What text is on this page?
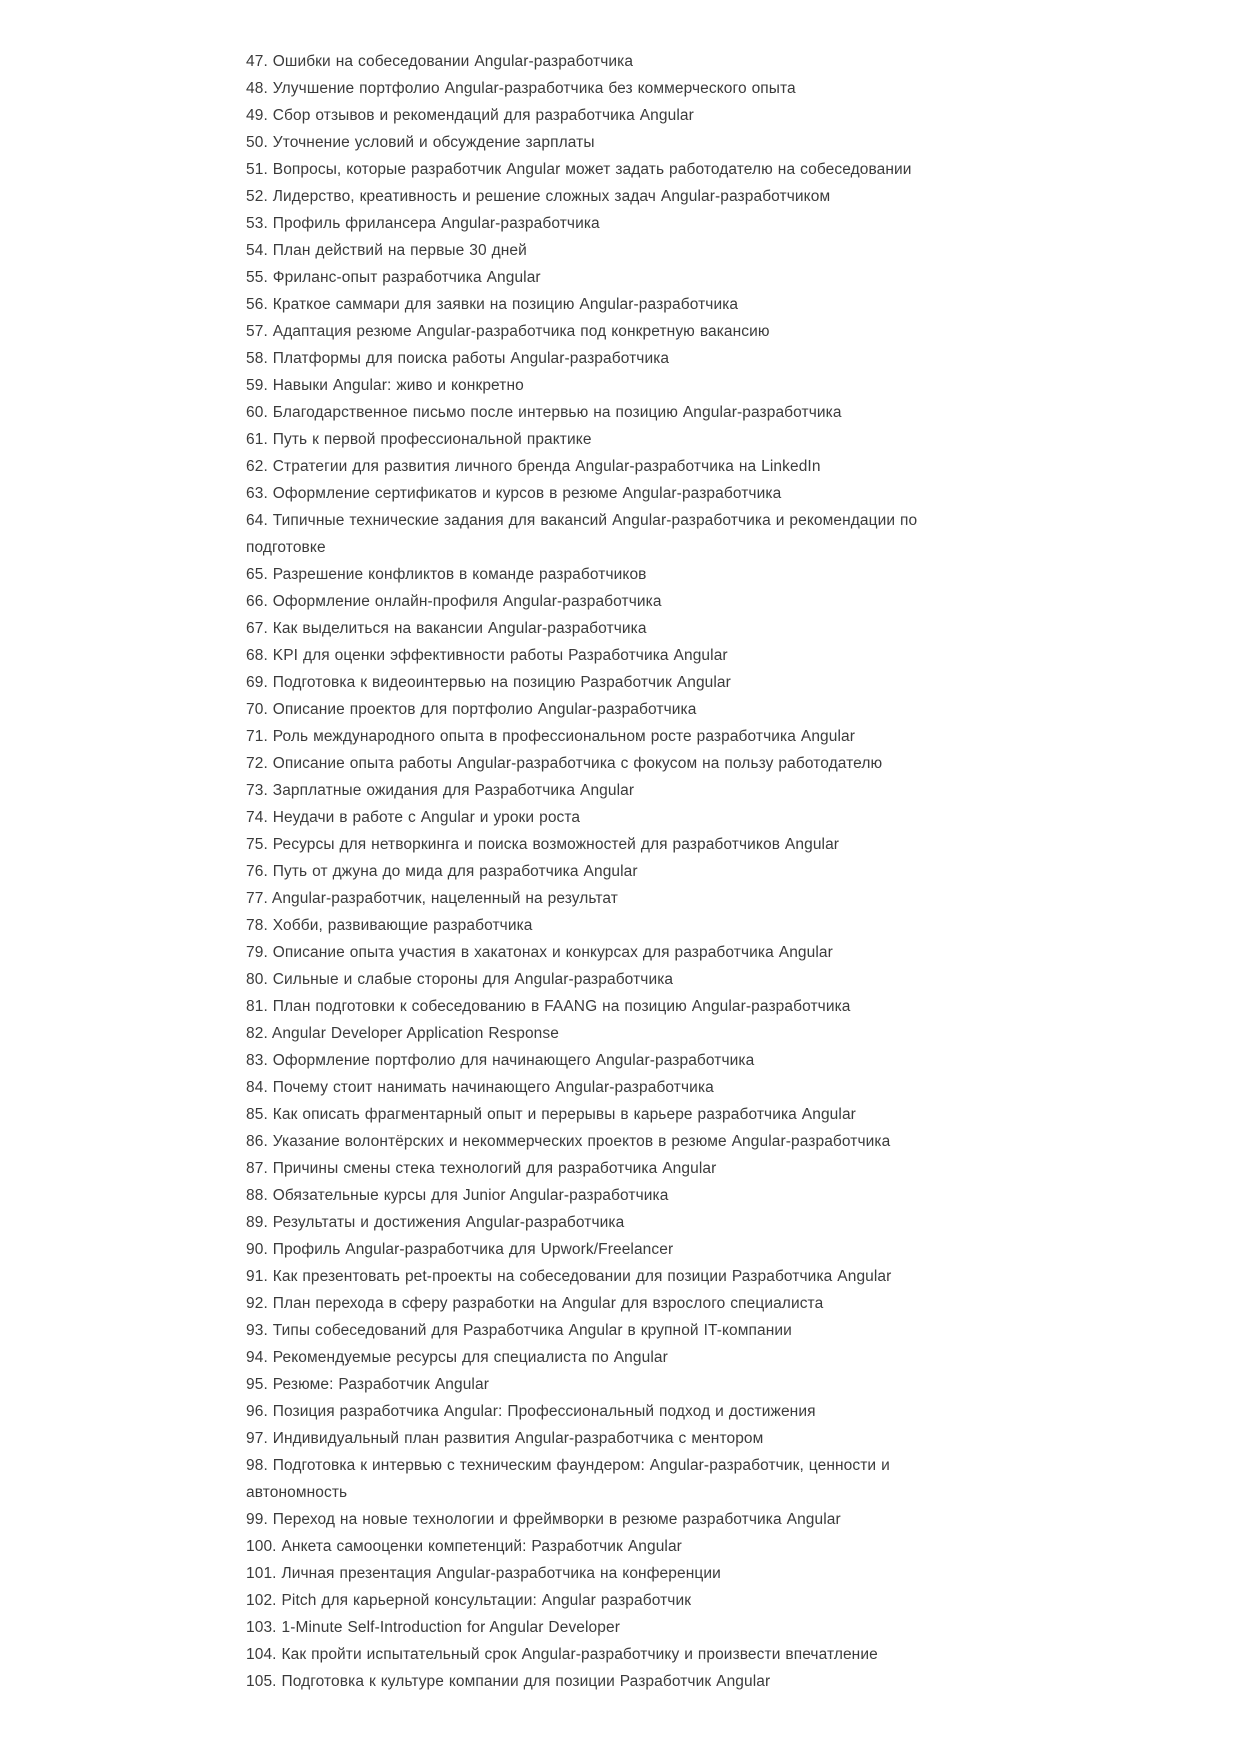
47. Ошибки на собеседовании Angular-разработчика

48. Улучшение портфолио Angular-разработчика без коммерческого опыта

49. Сбор отзывов и рекомендаций для разработчика Angular

50. Уточнение условий и обсуждение зарплаты

51. Вопросы, которые разработчик Angular может задать работодателю на собеседовании

52. Лидерство, креативность и решение сложных задач Angular-разработчиком

53. Профиль фрилансера Angular-разработчика

54. План действий на первые 30 дней

55. Фриланс-опыт разработчика Angular

56. Краткое саммари для заявки на позицию Angular-разработчика

57. Адаптация резюме Angular-разработчика под конкретную вакансию

58. Платформы для поиска работы Angular-разработчика

59. Навыки Angular: живо и конкретно

60. Благодарственное письмо после интервью на позицию Angular-разработчика

61. Путь к первой профессиональной практике

62. Стратегии для развития личного бренда Angular-разработчика на LinkedIn

63. Оформление сертификатов и курсов в резюме Angular-разработчика

64. Типичные технические задания для вакансий Angular-разработчика и рекомендации по подготовке

65. Разрешение конфликтов в команде разработчиков

66. Оформление онлайн-профиля Angular-разработчика

67. Как выделиться на вакансии Angular-разработчика

68. KPI для оценки эффективности работы Разработчика Angular

69. Подготовка к видеоинтервью на позицию Разработчик Angular

70. Описание проектов для портфолио Angular-разработчика

71. Роль международного опыта в профессиональном росте разработчика Angular

72. Описание опыта работы Angular-разработчика с фокусом на пользу работодателю

73. Зарплатные ожидания для Разработчика Angular

74. Неудачи в работе с Angular и уроки роста

75. Ресурсы для нетворкинга и поиска возможностей для разработчиков Angular

76. Путь от джуна до мида для разработчика Angular

77. Angular-разработчик, нацеленный на результат

78. Хобби, развивающие разработчика

79. Описание опыта участия в хакатонах и конкурсах для разработчика Angular

80. Сильные и слабые стороны для Angular-разработчика

81. План подготовки к собеседованию в FAANG на позицию Angular-разработчика

82. Angular Developer Application Response

83. Оформление портфолио для начинающего Angular-разработчика

84. Почему стоит нанимать начинающего Angular-разработчика

85. Как описать фрагментарный опыт и перерывы в карьере разработчика Angular

86. Указание волонтёрских и некоммерческих проектов в резюме Angular-разработчика

87. Причины смены стека технологий для разработчика Angular

88. Обязательные курсы для Junior Angular-разработчика

89. Результаты и достижения Angular-разработчика

90. Профиль Angular-разработчика для Upwork/Freelancer

91. Как презентовать pet-проекты на собеседовании для позиции Разработчика Angular

92. План перехода в сферу разработки на Angular для взрослого специалиста

93. Типы собеседований для Разработчика Angular в крупной IT-компании

94. Рекомендуемые ресурсы для специалиста по Angular

95. Резюме: Разработчик Angular

96. Позиция разработчика Angular: Профессиональный подход и достижения

97. Индивидуальный план развития Angular-разработчика с ментором

98. Подготовка к интервью с техническим фаундером: Angular-разработчик, ценности и автономность

99. Переход на новые технологии и фреймворки в резюме разработчика Angular

100. Анкета самооценки компетенций: Разработчик Angular

101. Личная презентация Angular-разработчика на конференции

102. Pitch для карьерной консультации: Angular разработчик

103. 1-Minute Self-Introduction for Angular Developer

104. Как пройти испытательный срок Angular-разработчику и произвести впечатление

105. Подготовка к культуре компании для позиции Разработчик Angular
